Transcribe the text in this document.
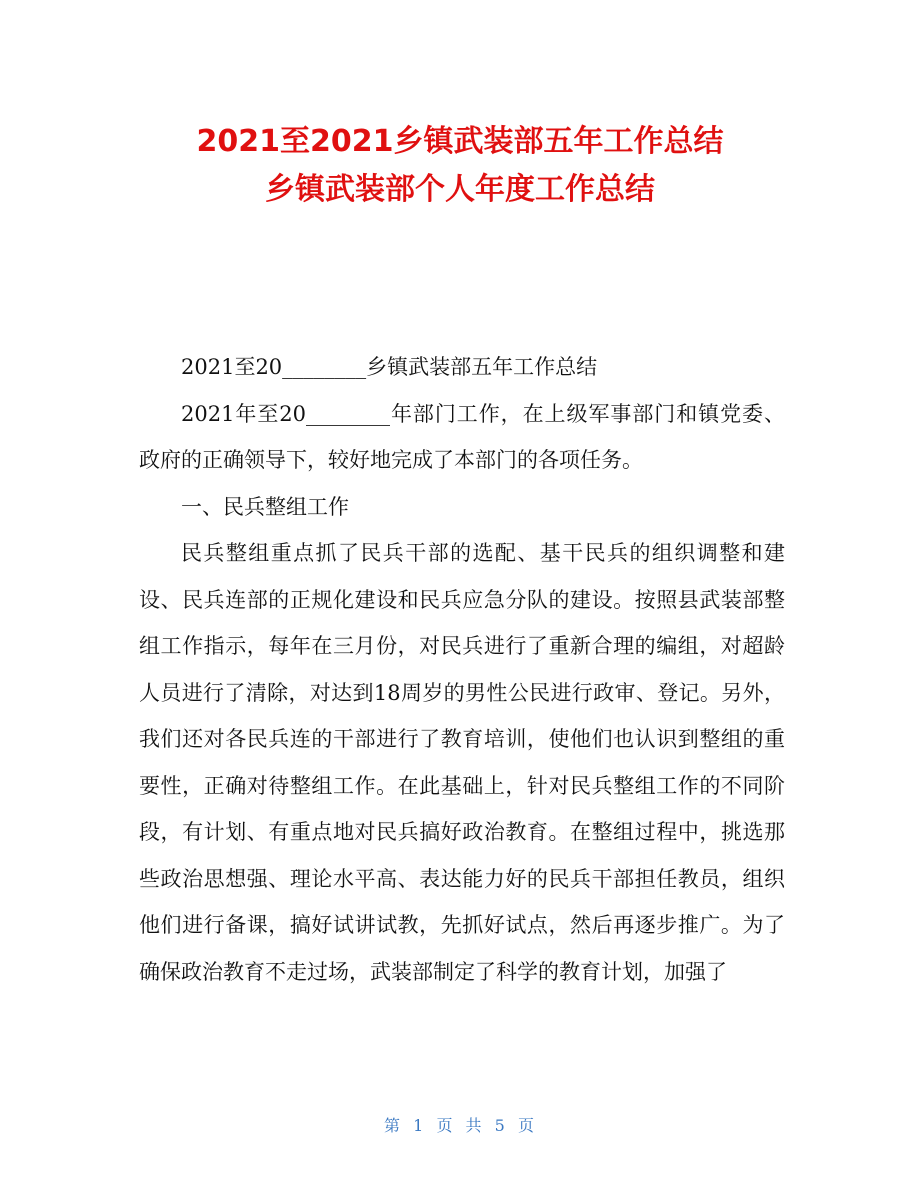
2021至2021乡镇武装部五年工作总结
乡镇武装部个人年度工作总结

2021至20________乡镇武装部五年工作总结

2021年至20________年部门工作，在上级军事部门和镇党委、政府的正确领导下，较好地完成了本部门的各项任务。

一、民兵整组工作

民兵整组重点抓了民兵干部的选配、基干民兵的组织调整和建设、民兵连部的正规化建设和民兵应急分队的建设。按照县武装部整组工作指示，每年在三月份，对民兵进行了重新合理的编组，对超龄人员进行了清除，对达到18周岁的男性公民进行政审、登记。另外，我们还对各民兵连的干部进行了教育培训，使他们也认识到整组的重要性，正确对待整组工作。在此基础上，针对民兵整组工作的不同阶段，有计划、有重点地对民兵搞好政治教育。在整组过程中，挑选那些政治思想强、理论水平高、表达能力好的民兵干部担任教员，组织他们进行备课，搞好试讲试教，先抓好试点，然后再逐步推广。为了确保政治教育不走过场，武装部制定了科学的教育计划，加强了

第 1 页 共 5 页
